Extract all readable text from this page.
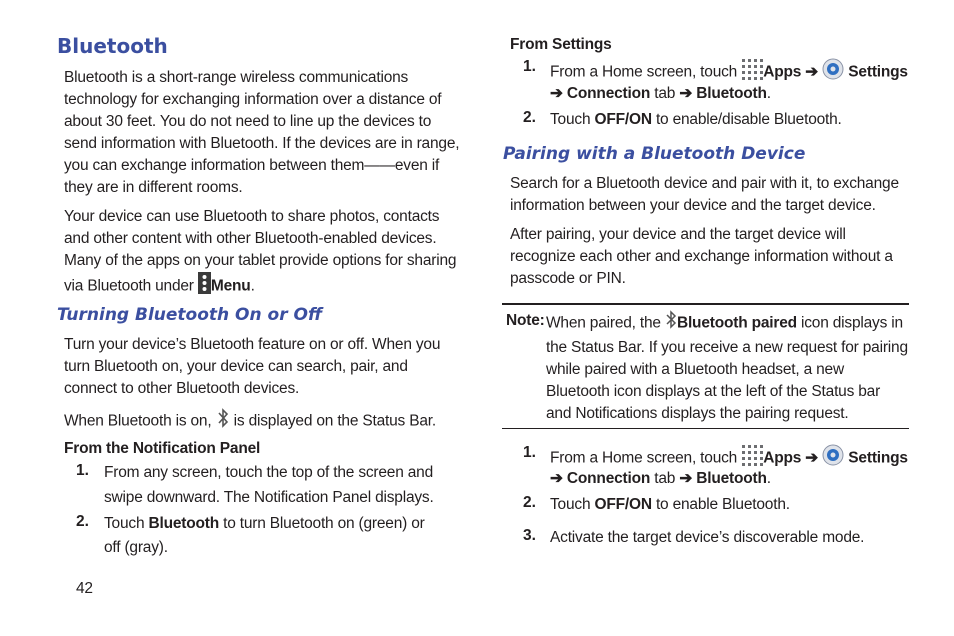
Bluetooth
Bluetooth is a short-range wireless communications technology for exchanging information over a distance of about 30 feet. You do not need to line up the devices to send information with Bluetooth. If the devices are in range, you can exchange information between them——even if they are in different rooms.
Your device can use Bluetooth to share photos, contacts and other content with other Bluetooth-enabled devices. Many of the apps on your tablet provide options for sharing via Bluetooth under Menu.
Turning Bluetooth On or Off
Turn your device’s Bluetooth feature on or off. When you turn Bluetooth on, your device can search, pair, and connect to other Bluetooth devices.
When Bluetooth is on, is displayed on the Status Bar.
From the Notification Panel
1. From any screen, touch the top of the screen and
swipe downward. The Notification Panel displays.
2. Touch Bluetooth to turn Bluetooth on (green) or
off (gray).
42
From Settings
1. From a Home screen, touch Apps ➔ Settings
➔ Connection tab ➔ Bluetooth.
2. Touch OFF/ON to enable/disable Bluetooth.
Pairing with a Bluetooth Device
Search for a Bluetooth device and pair with it, to exchange information between your device and the target device.
After pairing, your device and the target device will recognize each other and exchange information without a passcode or PIN.
Note: When paired, the Bluetooth paired icon displays in the Status Bar. If you receive a new request for pairing while paired with a Bluetooth headset, a new Bluetooth icon displays at the left of the Status bar and Notifications displays the pairing request.
1. From a Home screen, touch Apps ➔ Settings
➔ Connection tab ➔ Bluetooth.
2. Touch OFF/ON to enable Bluetooth.
3. Activate the target device’s discoverable mode.
